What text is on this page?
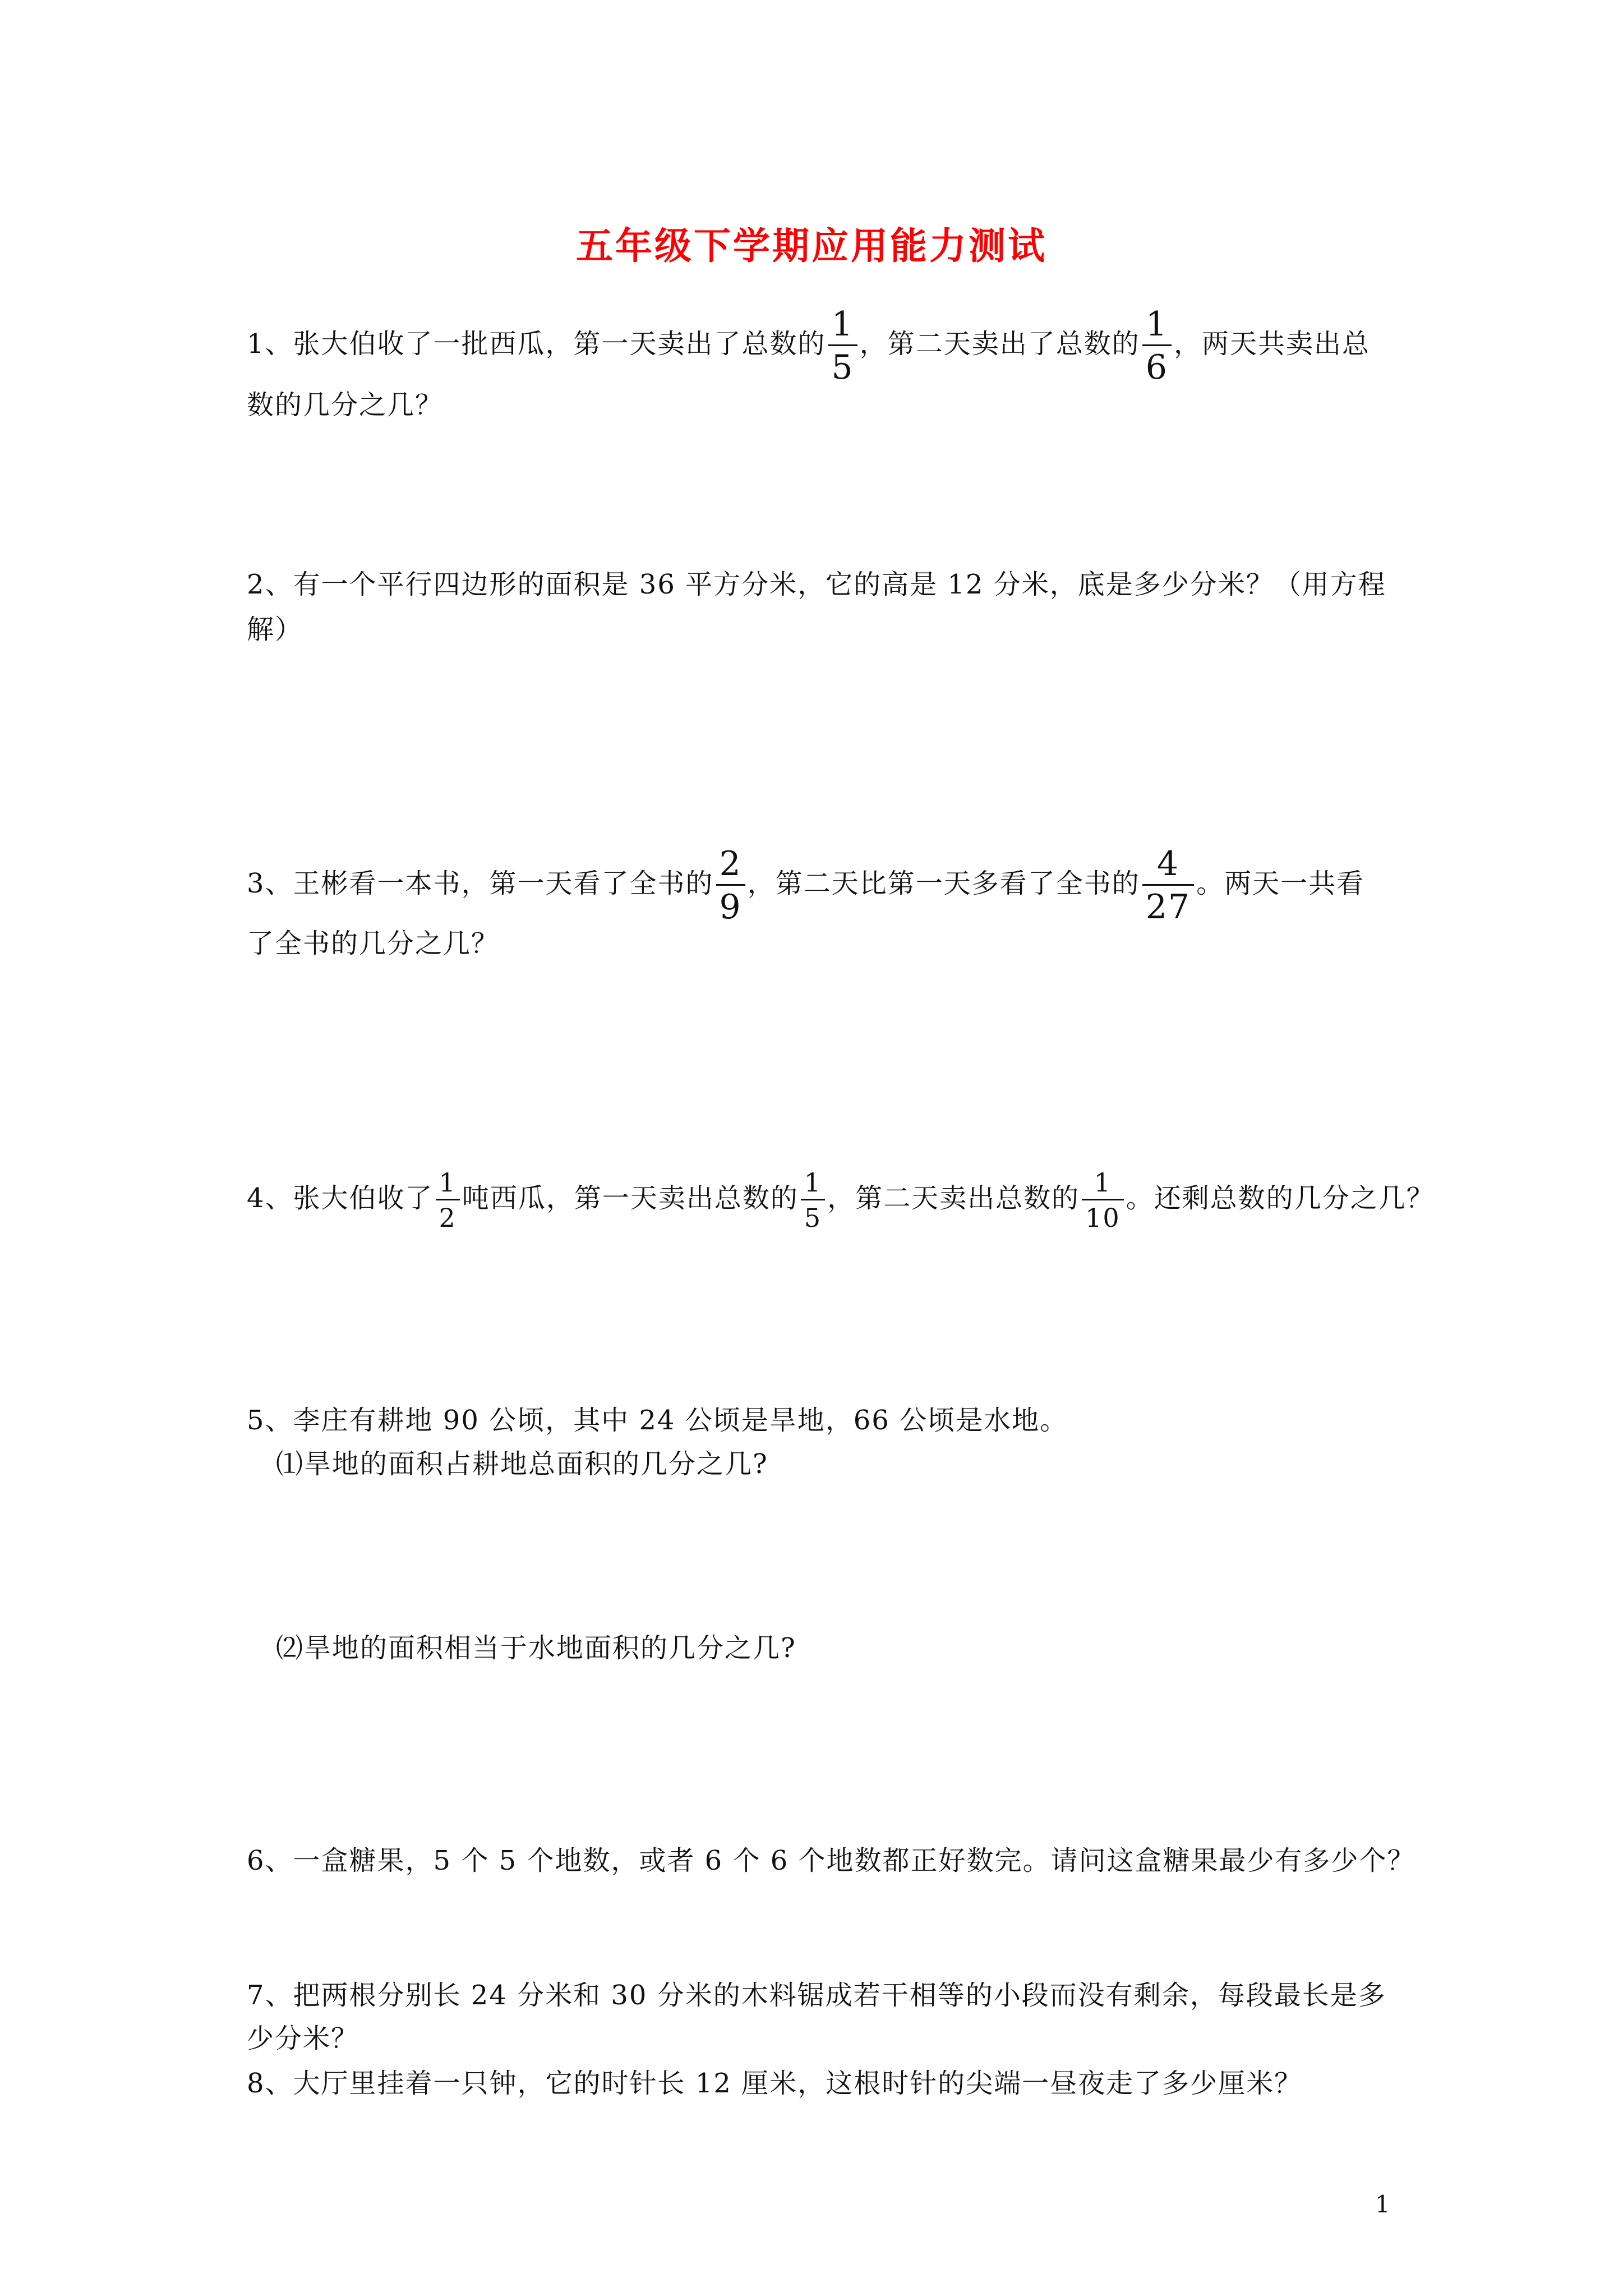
五年级下学期应用能力测试
1、张大伯收了一批西瓜，第一天卖出了总数的 $\frac{1}{5}$ ，第二天卖出了总数的 $\frac{1}{6}$ ，两天共卖出总
数的几分之几？
2、有一个平行四边形的面积是 36 平方分米，它的高是 12 分米，底是多少分米？（用方程
解）
3、王彬看一本书，第一天看了全书的 $\frac{2}{9}$ ，第二天比第一天多看了全书的 $\frac{4}{27}$ 。两天一共看
了全书的几分之几？
4、张大伯收了 $\frac{1}{2}$ 吨西瓜，第一天卖出总数的 $\frac{1}{5}$ ，第二天卖出总数的 $\frac{1}{10}$ 。还剩总数的几分之几？
5、李庄有耕地 90 公顷，其中 24 公顷是旱地，66 公顷是水地。
⑴旱地的面积占耕地总面积的几分之几?
⑵旱地的面积相当于水地面积的几分之几?
6、一盒糖果，5 个 5 个地数，或者 6 个 6 个地数都正好数完。请问这盒糖果最少有多少个？
7、把两根分别长 24 分米和 30 分米的木料锯成若干相等的小段而没有剩余，每段最长是多
少分米？
8、大厅里挂着一只钟，它的时针长 12 厘米，这根时针的尖端一昼夜走了多少厘米？
1
